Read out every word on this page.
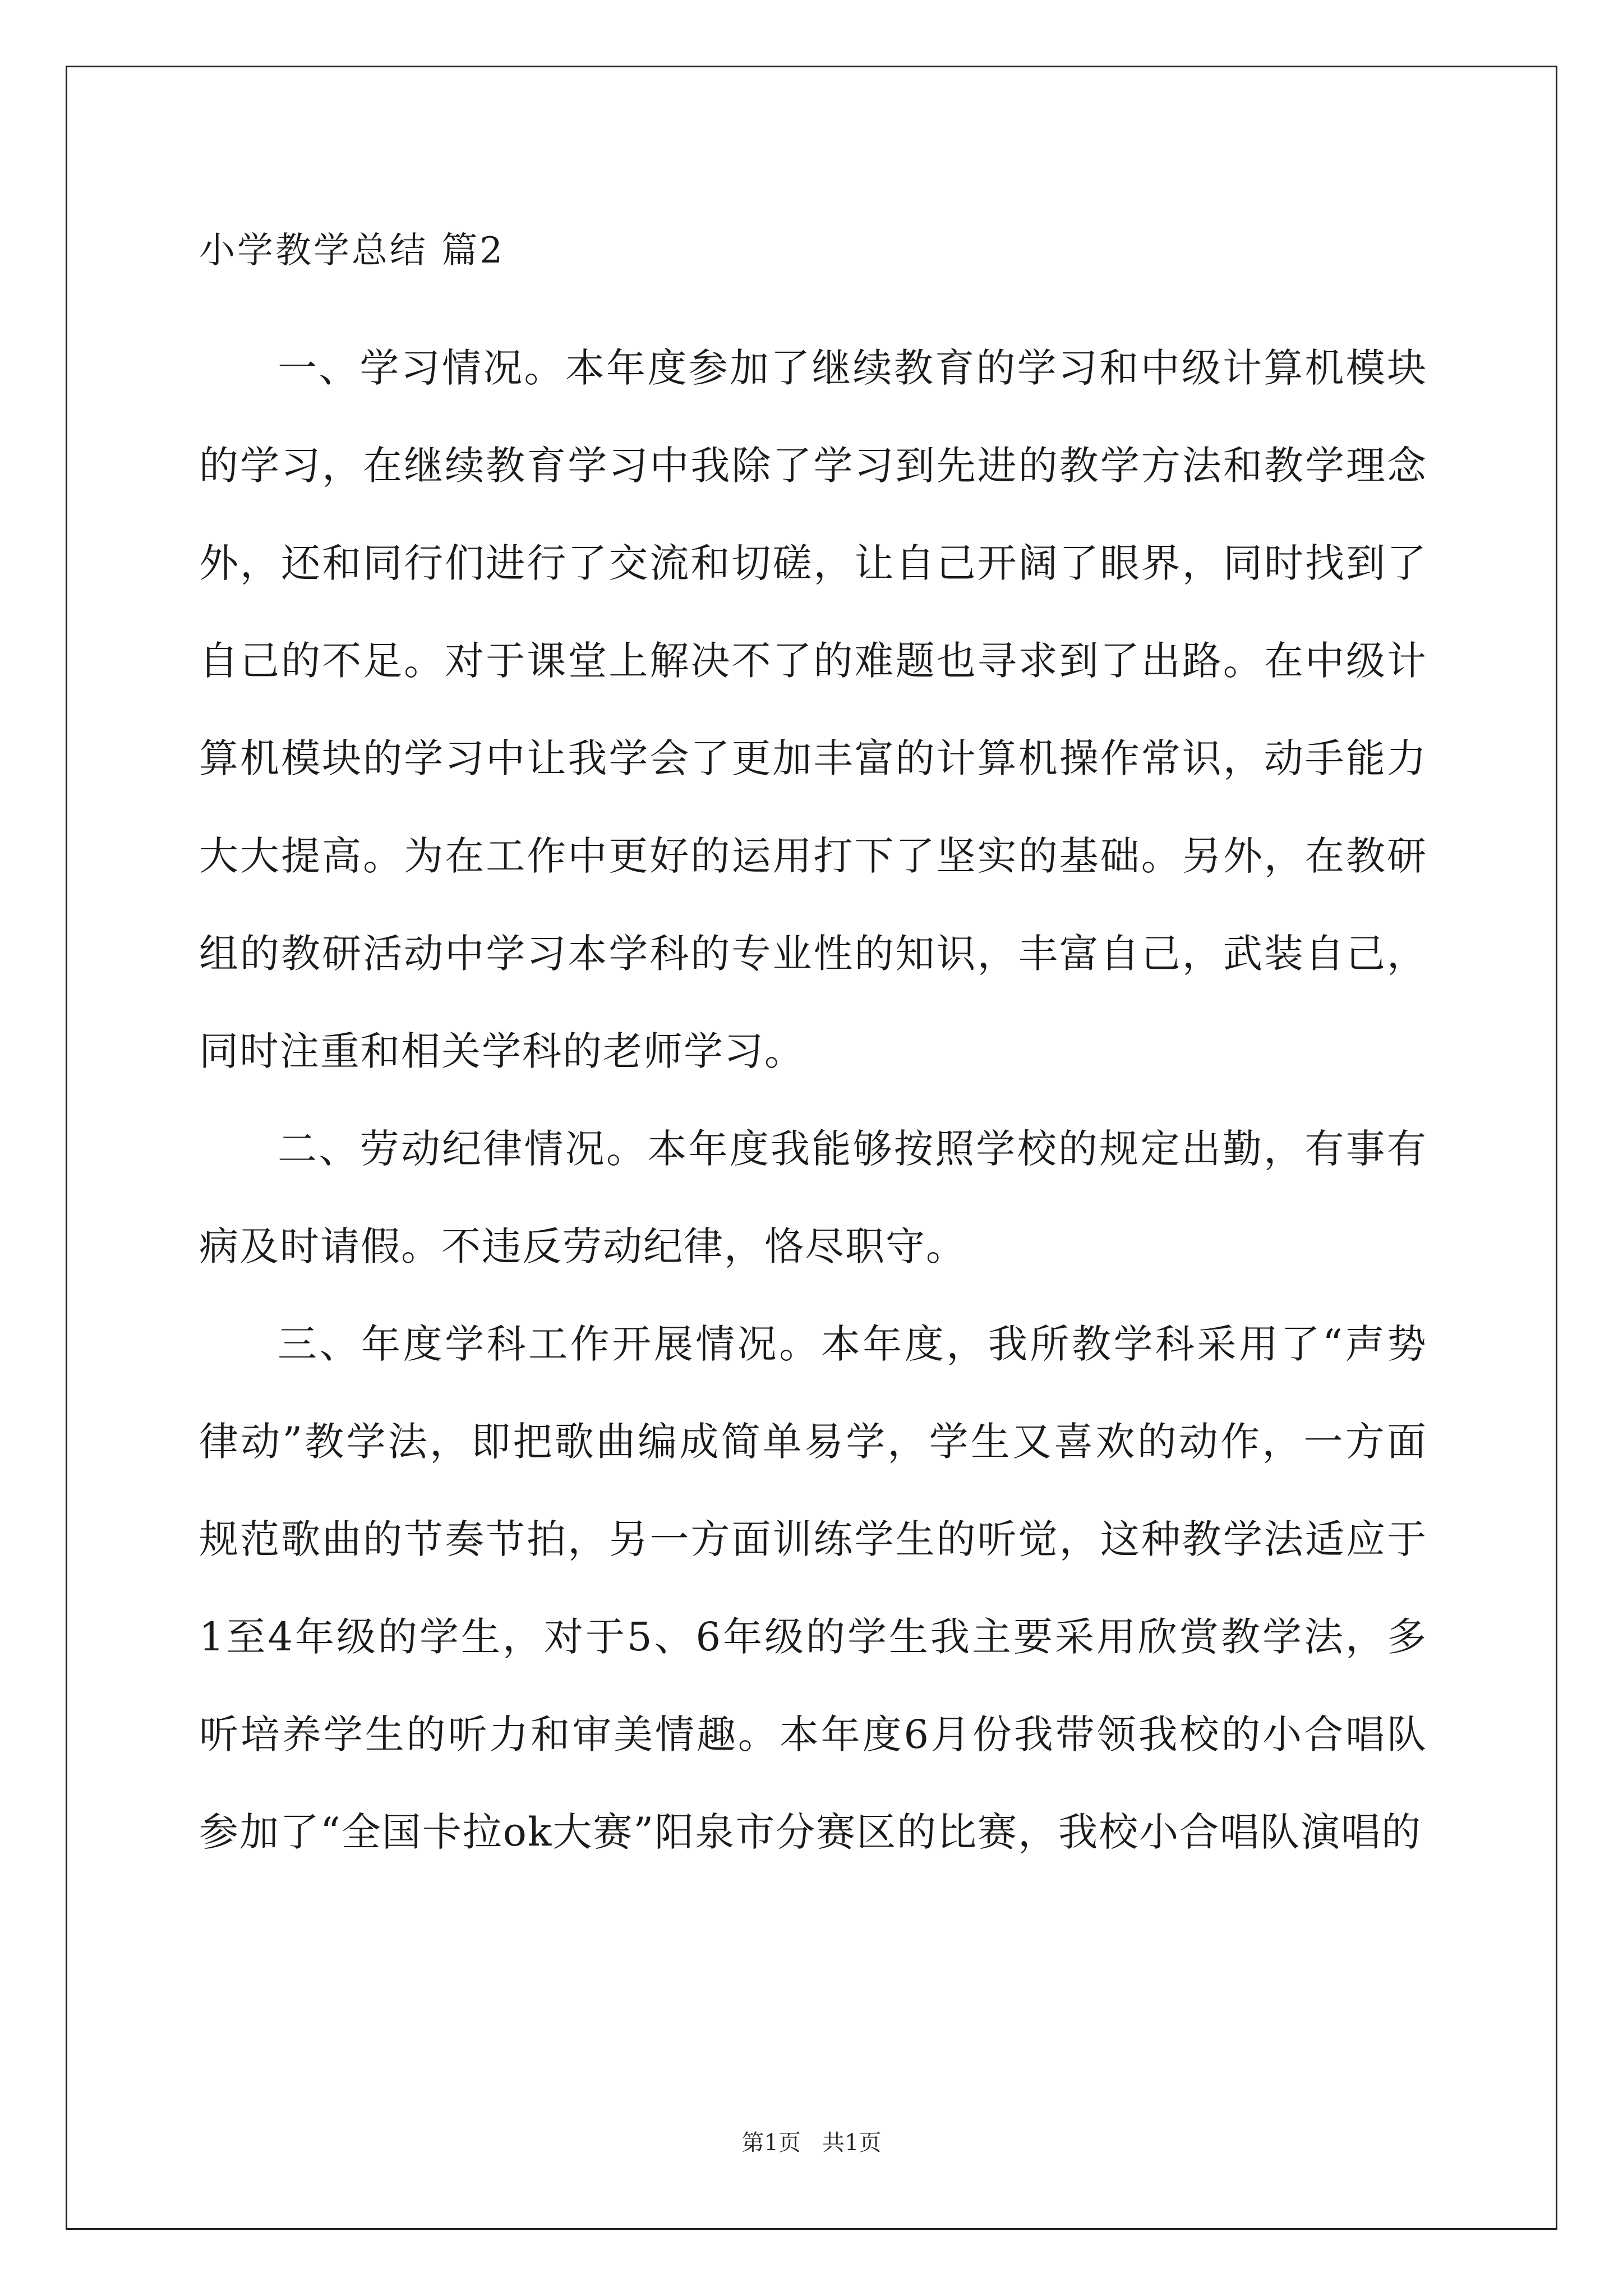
小学教学总结 篇2
一、学习情况。本年度参加了继续教育的学习和中级计算机模块的学习，在继续教育学习中我除了学习到先进的教学方法和教学理念外，还和同行们进行了交流和切磋，让自己开阔了眼界，同时找到了自己的不足。对于课堂上解决不了的难题也寻求到了出路。在中级计算机模块的学习中让我学会了更加丰富的计算机操作常识，动手能力大大提高。为在工作中更好的运用打下了坚实的基础。另外，在教研组的教研活动中学习本学科的专业性的知识，丰富自己，武装自己，同时注重和相关学科的老师学习。
二、劳动纪律情况。本年度我能够按照学校的规定出勤，有事有病及时请假。不违反劳动纪律，恪尽职守。
三、年度学科工作开展情况。本年度，我所教学科采用了“声势律动”教学法，即把歌曲编成简单易学，学生又喜欢的动作，一方面规范歌曲的节奏节拍，另一方面训练学生的听觉，这种教学法适应于1至4年级的学生，对于5、6年级的学生我主要采用欣赏教学法，多听培养学生的听力和审美情趣。本年度6月份我带领我校的小合唱队参加了“全国卡拉ok大赛”阳泉市分赛区的比赛，我校小合唱队演唱的
第1页   共1页
